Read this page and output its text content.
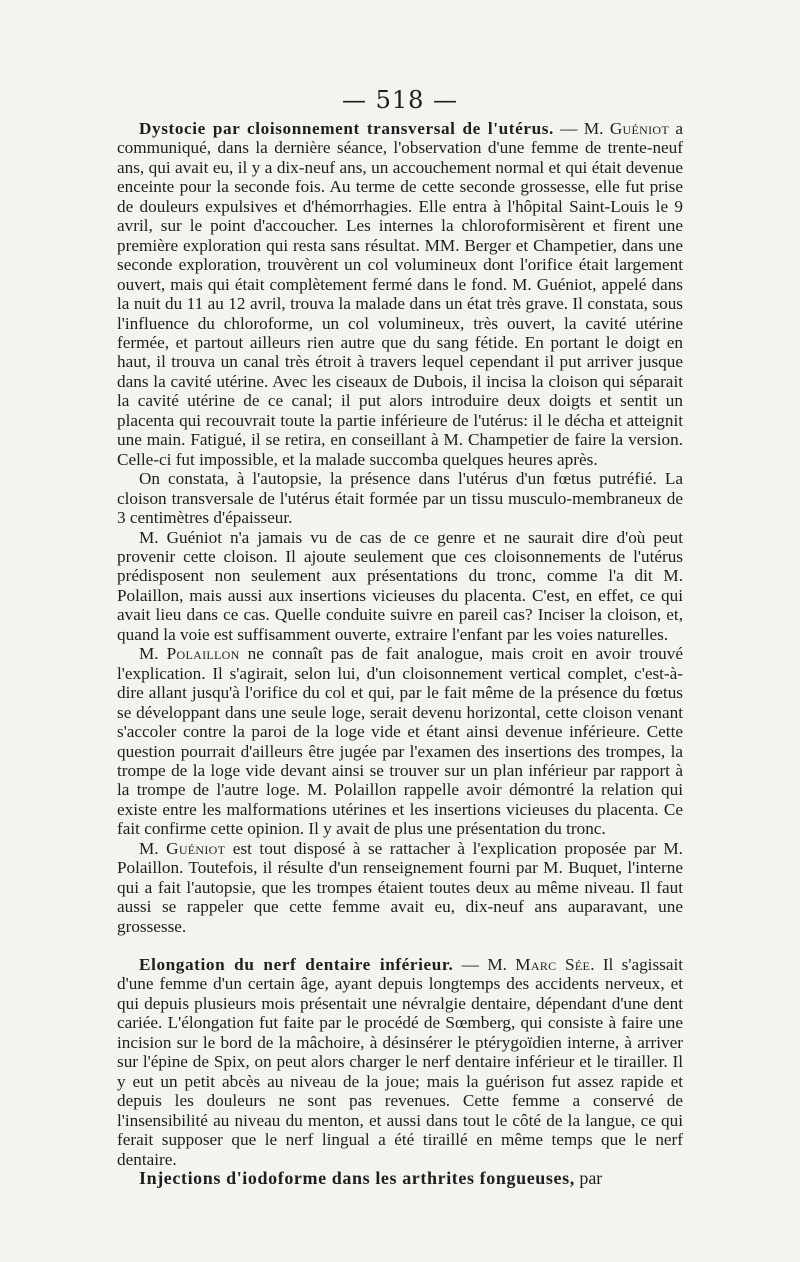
— 518 —

Dystocie par cloisonnement transversal de l'utérus. — M. Guéniot a communiqué, dans la dernière séance, l'observation d'une femme de trente-neuf ans, qui avait eu, il y a dix-neuf ans, un accouchement normal et qui était devenue enceinte pour la seconde fois. Au terme de cette seconde grossesse, elle fut prise de douleurs expulsives et d'hémorrhagies. Elle entra à l'hôpital Saint-Louis le 9 avril, sur le point d'accoucher. Les internes la chloroformisèrent et firent une première exploration qui resta sans résultat. MM. Berger et Champetier, dans une seconde exploration, trouvèrent un col volumineux dont l'orifice était largement ouvert, mais qui était complètement fermé dans le fond. M. Guéniot, appelé dans la nuit du 11 au 12 avril, trouva la malade dans un état très grave. Il constata, sous l'influence du chloroforme, un col volumineux, très ouvert, la cavité utérine fermée, et partout ailleurs rien autre que du sang fétide. En portant le doigt en haut, il trouva un canal très étroit à travers lequel cependant il put arriver jusque dans la cavité utérine. Avec les ciseaux de Dubois, il incisa la cloison qui séparait la cavité utérine de ce canal; il put alors introduire deux doigts et sentit un placenta qui recouvrait toute la partie inférieure de l'utérus: il le décha et atteignit une main. Fatigué, il se retira, en conseillant à M. Champetier de faire la version. Celle-ci fut impossible, et la malade succomba quelques heures après.

On constata, à l'autopsie, la présence dans l'utérus d'un fœtus putréfié. La cloison transversale de l'utérus était formée par un tissu musculo-membraneux de 3 centimètres d'épaisseur.

M. Guéniot n'a jamais vu de cas de ce genre et ne saurait dire d'où peut provenir cette cloison. Il ajoute seulement que ces cloisonnements de l'utérus prédisposent non seulement aux présentations du tronc, comme l'a dit M. Polaillon, mais aussi aux insertions vicieuses du placenta. C'est, en effet, ce qui avait lieu dans ce cas. Quelle conduite suivre en pareil cas? Inciser la cloison, et, quand la voie est suffisamment ouverte, extraire l'enfant par les voies naturelles.

M. Polaillon ne connaît pas de fait analogue, mais croit en avoir trouvé l'explication. Il s'agirait, selon lui, d'un cloisonnement vertical complet, c'est-à-dire allant jusqu'à l'orifice du col et qui, par le fait même de la présence du fœtus se développant dans une seule loge, serait devenu horizontal, cette cloison venant s'accoler contre la paroi de la loge vide et étant ainsi devenue inférieure. Cette question pourrait d'ailleurs être jugée par l'examen des insertions des trompes, la trompe de la loge vide devant ainsi se trouver sur un plan inférieur par rapport à la trompe de l'autre loge. M. Polaillon rappelle avoir démontré la relation qui existe entre les malformations utérines et les insertions vicieuses du placenta. Ce fait confirme cette opinion. Il y avait de plus une présentation du tronc.

M. Guéniot est tout disposé à se rattacher à l'explication proposée par M. Polaillon. Toutefois, il résulte d'un renseignement fourni par M. Buquet, l'interne qui a fait l'autopsie, que les trompes étaient toutes deux au même niveau. Il faut aussi se rappeler que cette femme avait eu, dix-neuf ans auparavant, une grossesse.

Elongation du nerf dentaire inférieur. — M. Marc Sée. Il s'agissait d'une femme d'un certain âge, ayant depuis longtemps des accidents nerveux, et qui depuis plusieurs mois présentait une névralgie dentaire, dépendant d'une dent cariée. L'élongation fut faite par le procédé de Sœmberg, qui consiste à faire une incision sur le bord de la mâchoire, à désinsérer le ptérygoïdien interne, à arriver sur l'épine de Spix, on peut alors charger le nerf dentaire inférieur et le tirailler. Il y eut un petit abcès au niveau de la joue; mais la guérison fut assez rapide et depuis les douleurs ne sont pas revenues. Cette femme a conservé de l'insensibilité au niveau du menton, et aussi dans tout le côté de la langue, ce qui ferait supposer que le nerf lingual a été tiraillé en même temps que le nerf dentaire.

Injections d'iodoforme dans les arthrites fongueuses, par
